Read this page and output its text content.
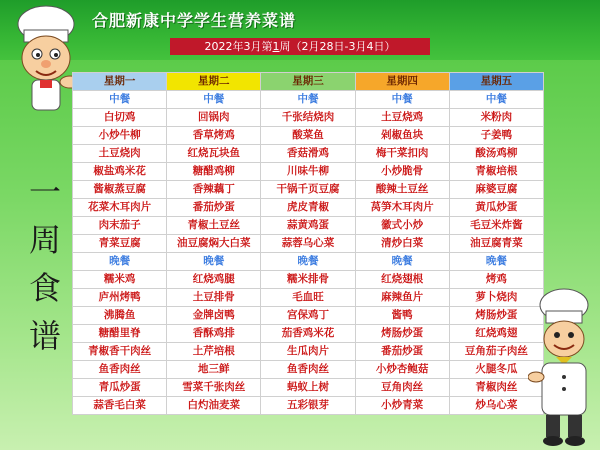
合肥新康中学学生营养菜谱
2022年3月第1周（2月28日-3月4日）
一
周
食
谱
星期一	星期二	星期三	星期四	星期五
中餐	中餐	中餐	中餐	中餐
白切鸡	回锅肉	千张结烧肉	土豆烧鸡	米粉肉
小炒牛柳	香草烤鸡	酸菜鱼	剁椒鱼块	子姜鸭
土豆烧肉	红烧瓦块鱼	香菇滑鸡	梅干菜扣肉	酸汤鸡柳
椒盐鸡米花	糖醋鸡柳	川味牛柳	小炒脆骨	青椒培根
酱椒蒸豆腐	香辣藕丁	干锅千页豆腐	酸辣土豆丝	麻婆豆腐
花菜木耳肉片	番茄炒蛋	虎皮青椒	莴笋木耳肉片	黄瓜炒蛋
肉末茄子	青椒土豆丝	蒜黄鸡蛋	徽式小炒	毛豆米炸酱
青菜豆腐	油豆腐焖大白菜	蒜蓉乌心菜	清炒白菜	油豆腐青菜
晚餐	晚餐	晚餐	晚餐	晚餐
糯米鸡	红烧鸡腿	糯米排骨	红烧翅根	烤鸡
庐州烤鸭	土豆排骨	毛血旺	麻辣鱼片	萝卜烧肉
沸腾鱼	金牌卤鸭	宫保鸡丁	酱鸭	烤肠炒蛋
糖醋里脊	香酥鸡排	茄香鸡米花	烤肠炒蛋	红烧鸡翅
青椒香干肉丝	土芹培根	生瓜肉片	番茄炒蛋	豆角茄子肉丝
鱼香肉丝	地三鲜	鱼香肉丝	小炒杏鲍菇	火腿冬瓜
青瓜炒蛋	雪菜千张肉丝	蚂蚁上树	豆角肉丝	青椒肉丝
蒜香毛白菜	白灼油麦菜	五彩银芽	小炒青菜	炒乌心菜
